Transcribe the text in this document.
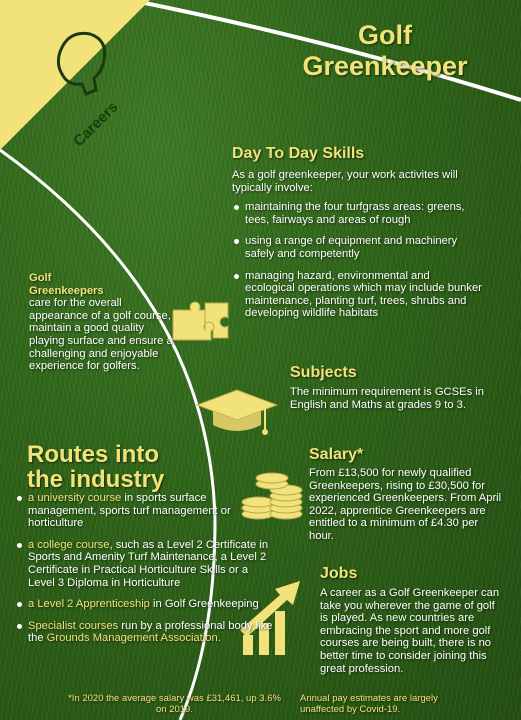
Careers
Golf
Greenkeeper
Day To Day Skills
As a golf greenkeeper, your work activites will typically involve:
maintaining the four turfgrass areas: greens, tees, fairways and areas of rough
using a range of equipment and machinery safely and competently
managing hazard, environmental and ecological operations which may include bunker maintenance, planting turf, trees, shrubs and developing wildlife habitats
Golf Greenkeepers
care for the overall appearance of a golf course, maintain a good quality playing surface and ensure a challenging and enjoyable experience for golfers.	Subjects
The minimum requirement is GCSEs in English and Maths at grades 9 to 3.
Routes into
the industry
a university course in sports surface management, sports turf management or horticulture
a college course, such as a Level 2 Certificate in Sports and Amenity Turf Maintenance, a Level 2 Certificate in Practical Horticulture Skills or a Level 3 Diploma in Horticulture
a Level 2 Apprenticeship in Golf Greenkeeping
Specialist courses run by a professional body like the Grounds Management Association.
Salary*
From £13,500 for newly qualified Greenkeepers, rising to £30,500 for experienced Greenkeepers. From April 2022, apprentice Greenkeepers are entitled to a minimum of £4.30 per hour.
Jobs
A career as a Golf Greenkeeper can take you wherever the game of golf is played. As new countries are embracing the sport and more golf courses are being built, there is no better time to consider joining this great profession.
*In 2020 the average salary was £31,461, up 3.6% on 2019.
Annual pay estimates are largely unaffected by Covid-19.
